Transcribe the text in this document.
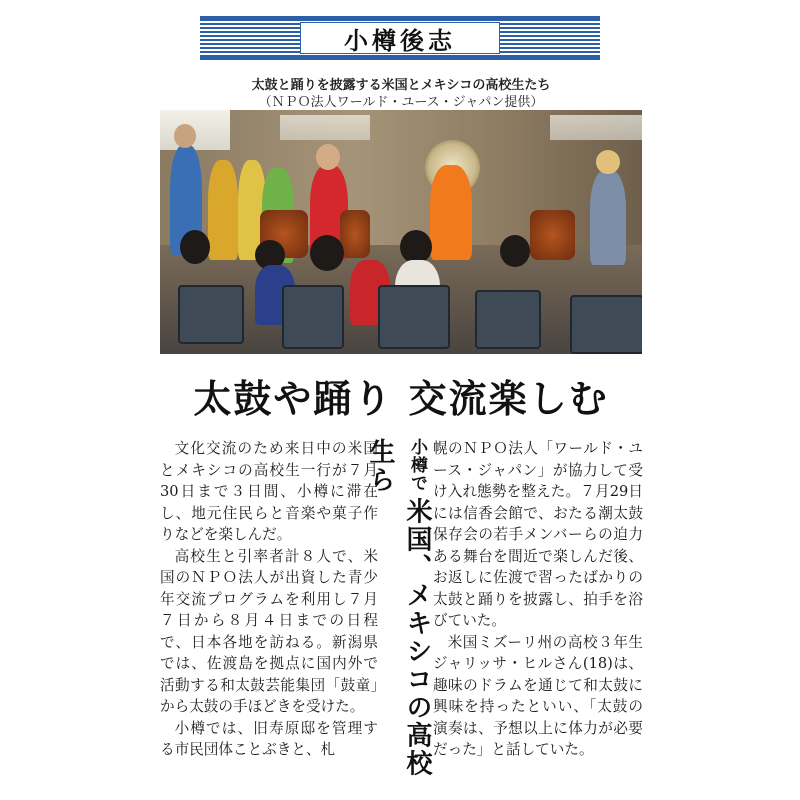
小樽後志
太鼓と踊りを披露する米国とメキシコの高校生たち
（ＮＰＯ法人ワールド・ユース・ジャパン提供）
太鼓や踊り 交流楽しむ

文化交流のため来日中の米国とメキシコの高校生一行が７月30日まで３日間、小樽に滞在し、地元住民らと音楽や菓子作りなどを楽しんだ。

高校生と引率者計８人で、米国のＮＰＯ法人が出資した青少年交流プログラムを利用し７月７日から８月４日までの日程で、日本各地を訪ねる。新潟県では、佐渡島を拠点に国内外で活動する和太鼓芸能集団「鼓童」から太鼓の手ほどきを受けた。

小樽では、旧寿原邸を管理する市民団体ことぶきと、札

小樽で 米国、メキシコの高校生ら	幌のＮＰＯ法人「ワールド・ユース・ジャパン」が協力して受け入れ態勢を整えた。７月29日には信香会館で、おたる潮太鼓保存会の若手メンバーらの迫力ある舞台を間近で楽しんだ後、お返しに佐渡で習ったばかりの太鼓と踊りを披露し、拍手を浴びていた。

米国ミズーリ州の高校３年生ジャリッサ・ヒルさん(18)は、趣味のドラムを通じて和太鼓に興味を持ったといい、「太鼓の演奏は、予想以上に体力が必要だった」と話していた。
